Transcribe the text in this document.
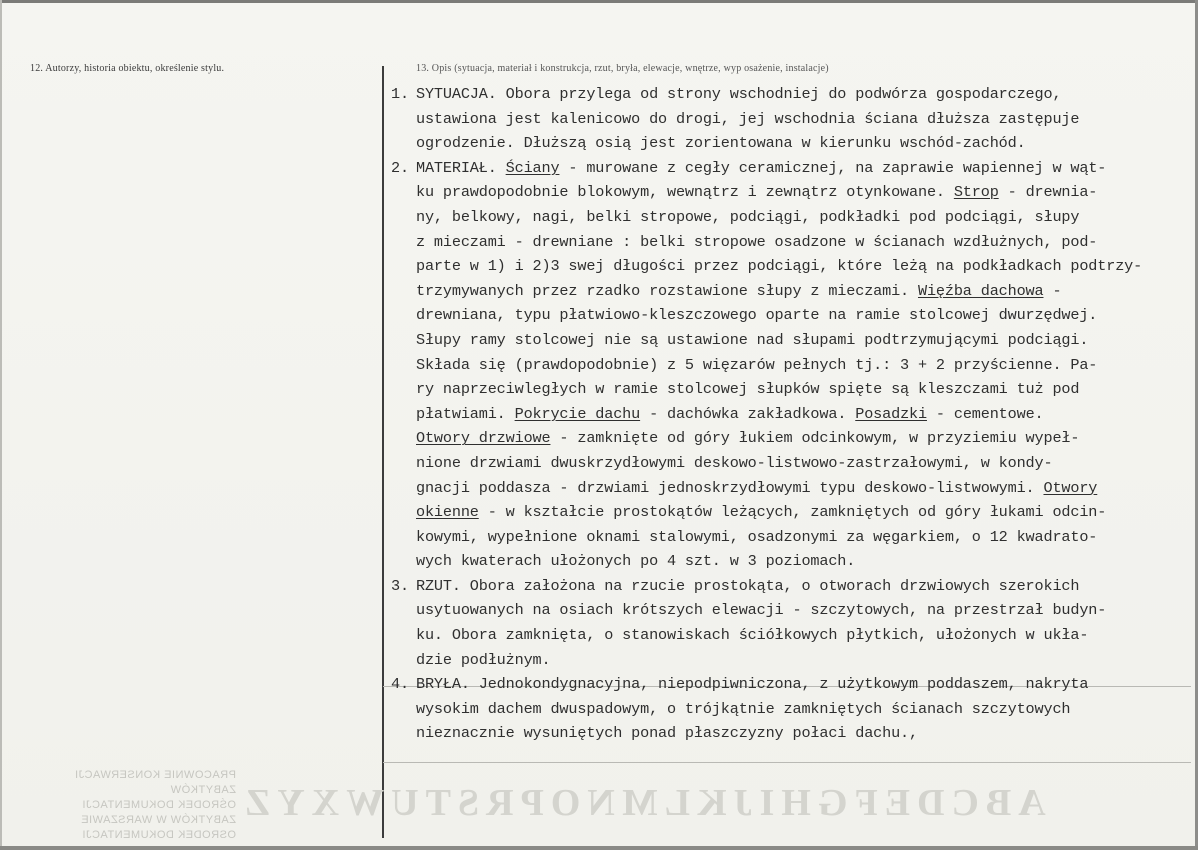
12. Autorzy, historia obiektu, określenie stylu.	13. Opis (sytuacja, materiał i konstrukcja, rzut, bryła, elewacje, wnętrze, wyp osażenie, instalacje)
1. SYTUACJA. Obora przylega od strony wschodniej do podwórza gospodarczego,
ustawiona jest kalenicowo do drogi, jej wschodnia ściana dłuższa zastępuje
ogrodzenie. Dłuższą osią jest zorientowana w kierunku wschód-zachód.
2. MATERIAŁ. Ściany - murowane z cegły ceramicznej, na zaprawie wapiennej w wąt-
ku prawdopodobnie blokowym, wewnątrz i zewnątrz otynkowane. Strop - drewnia-
ny, belkowy, nagi, belki stropowe, podciągi, podkładki pod podciągi, słupy
z mieczami - drewniane : belki stropowe osadzone w ścianach wzdłużnych, pod-
parte w 1) i 2)3 swej długości przez podciągi, które leżą na podkładkach podtrzy-
trzymywanych przez rzadko rozstawione słupy z mieczami. Więźba dachowa -
drewniana, typu płatwiowo-kleszczowego oparte na ramie stolcowej dwurzędwej.
Słupy ramy stolcowej nie są ustawione nad słupami podtrzymującymi podciągi.
Składa się (prawdopodobnie) z 5 więzarów pełnych tj.: 3 + 2 przyścienne. Pa-
ry naprzeciwległych w ramie stolcowej słupków spięte są kleszczami tuż pod
płatwiami. Pokrycie dachu - dachówka zakładkowa. Posadzki - cementowe.
Otwory drzwiowe - zamknięte od góry łukiem odcinkowym, w przyziemiu wypeł-
nione drzwiami dwuskrzydłowymi deskowo-listwowo-zastrzałowymi, w kondy-
gnacji poddasza - drzwiami jednoskrzydłowymi typu deskowo-listwowymi. Otwory
okienne - w kształcie prostokątów leżących, zamkniętych od góry łukami odcin-
kowymi, wypełnione oknami stalowymi, osadzonymi za węgarkiem, o 12 kwadrato-
wych kwaterach ułożonych po 4 szt. w 3 poziomach.
3. RZUT. Obora założona na rzucie prostokąta, o otworach drzwiowych szerokich
usytuowanych na osiach krótszych elewacji - szczytowych, na przestrzał budyn-
ku. Obora zamknięta, o stanowiskach ściółkowych płytkich, ułożonych w ukła-
dzie podłużnym.
4. BRYŁA. Jednokondygnacyjna, niepodpiwniczona, z użytkowym poddaszem, nakryta
wysokim dachem dwuspadowym, o trójkątnie zamkniętych ścianach szczytowych
nieznacznie wysuniętych ponad płaszczyzny połaci dachu.,
PRACOWNIE KONSERWACJI ZABYTKÓW
OŚRODEK DOKUMENTACJI
ZABYTKÓW W WARSZAWIE
OSRODEK DOKUMENTACJI
ABCDEFGHIJKLMNOPRSTUWXYZ
